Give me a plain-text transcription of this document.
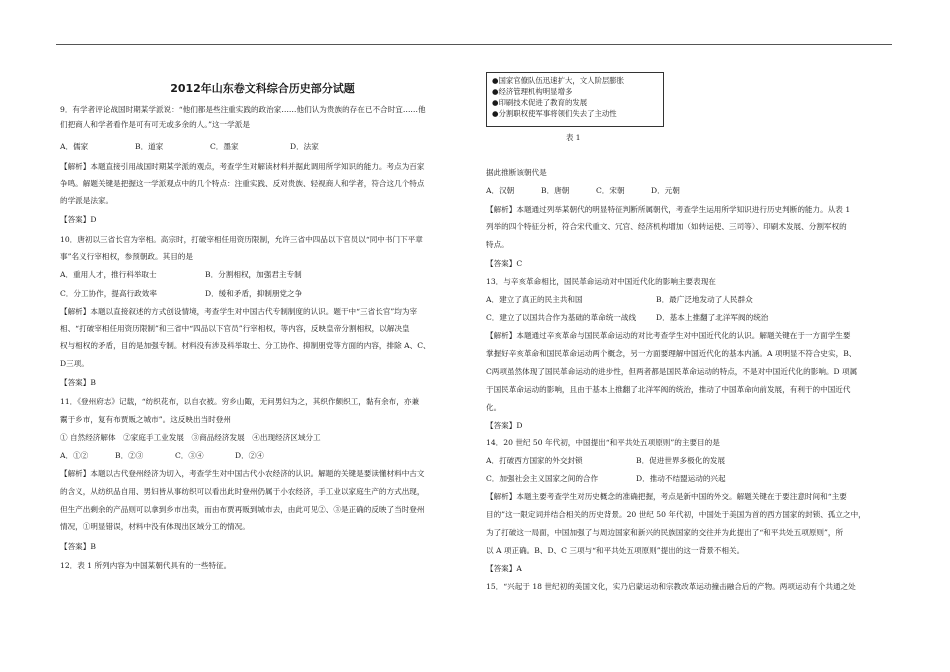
2012年山东卷文科综合历史部分试题

9．有学者评论战国时期某学派说：“他们都是些注重实践的政治家……他们认为贵族的存在已不合时宜……他

们把商人和学者看作是可有可无或多余的人。”这一学派是

A．儒家	B．道家	C．墨家	D．法家

【解析】本题直接引用战国时期某学派的观点，考查学生对解读材料并据此调用所学知识的能力。考点为百家

争鸣。解题关键是把握这一学派观点中的几个特点：注重实践、反对贵族、轻视商人和学者，符合这几个特点

的学派是法家。

【答案】D

10．唐初以三省长官为宰相。高宗时，打破宰相任用资历限制，允许三省中四品以下官员以“同中书门下平章

事”名义行宰相权，参预朝政。其目的是

A．重用人才，推行科举取士	B．分割相权，加强君主专制
C．分工协作，提高行政效率	D．缓和矛盾，抑制朋党之争

【解析】本题以直接叙述的方式创设情境，考查学生对中国古代专制制度的认识。题干中“三省长官”均为宰

相、“打破宰相任用资历限制”和三省中“四品以下官员”行宰相权，等内容，反映皇帝分割相权，以解决皇

权与相权的矛盾，目的是加强专制。材料没有涉及科举取士、分工协作、抑制朋党等方面的内容，排除 A、C、

D三项。

【答案】B

11．《登州府志》记载，“纺织花布，以自衣被。穷乡山陬，无问男妇为之，其织作颇织工，黏有余布，亦兼

鬻于乡市，复有布贾贩之城市”。这反映出当时登州

① 自然经济解体　②家庭手工业发展　③商品经济发展　④出现经济区域分工

A．①②	B．②③	C．③④	D．②④

【解析】本题以古代登州经济为切入，考查学生对中国古代小农经济的认识。解题的关键是要读懂材料中古文

的含义，从纺织品自用、男妇皆从事纺织可以看出此时登州仍属于小农经济，手工业以家庭生产的方式出现，

但生产出剩余的产品则可以拿到乡市出卖，而由布贾再贩到城市去，由此可见②、③是正确的反映了当时登州

情况，①明显错误，材料中没有体现出区域分工的情况。

【答案】B

12．表 1 所列内容为中国某朝代具有的一些特征。

●国家官僚队伍迅速扩大，文人阶层膨胀
●经济管理机构明显增多
●印刷技术促进了教育的发展
●分割职权使军事将领们失去了主动性
表 1

据此推断该朝代是

A．汉朝	B．唐朝	C．宋朝	D．元朝

【解析】本题通过列举某朝代的明显特征判断所属朝代，考查学生运用所学知识进行历史判断的能力。从表 1

列举的四个特征分析，符合宋代重文、冗官、经济机构增加（如转运使、三司等）、印刷术发展、分割军权的

特点。

【答案】C

13．与辛亥革命相比，国民革命运动对中国近代化的影响主要表现在

A．建立了真正的民主共和国	B．最广泛地发动了人民群众
C．建立了以国共合作为基础的革命统一战线	D．基本上推翻了北洋军阀的统治

【解析】本题通过辛亥革命与国民革命运动的对比考查学生对中国近代化的认识。解题关键在于一方面学生要

掌握好辛亥革命和国民革命运动两个概念，另一方面要理解中国近代化的基本内涵。A 项明显不符合史实，B、

C两项虽然体现了国民革命运动的进步性，但两者都是国民革命运动的特点，不是对中国近代化的影响。D 项属

于国民革命运动的影响，且由于基本上推翻了北洋军阀的统治，推动了中国革命向前发展，有利于的中国近代

化。

【答案】D

14．20 世纪 50 年代初，中国提出“和平共处五项原则”的主要目的是

A．打破西方国家的外交封锁	B．促进世界多极化的发展
C．加强社会主义国家之间的合作	D．推动不结盟运动的兴起

【解析】本题主要考查学生对历史概念的准确把握，考点是新中国的外交。解题关键在于要注意时间和“主要

目的”这一限定词并结合相关的历史背景。20 世纪 50 年代初，中国处于美国为首的西方国家的封锁、孤立之中，

为了打破这一局面，中国加强了与周边国家和新兴的民族国家的交往并为此提出了“和平共处五项原则”，所

以 A 项正确。B、D、C 三项与“和平共处五项原则”提出的这一背景不相关。

【答案】A

15．“兴起于 18 世纪初的美国文化，实乃启蒙运动和宗教改革运动撞击融合后的产物。两项运动有个共通之处
